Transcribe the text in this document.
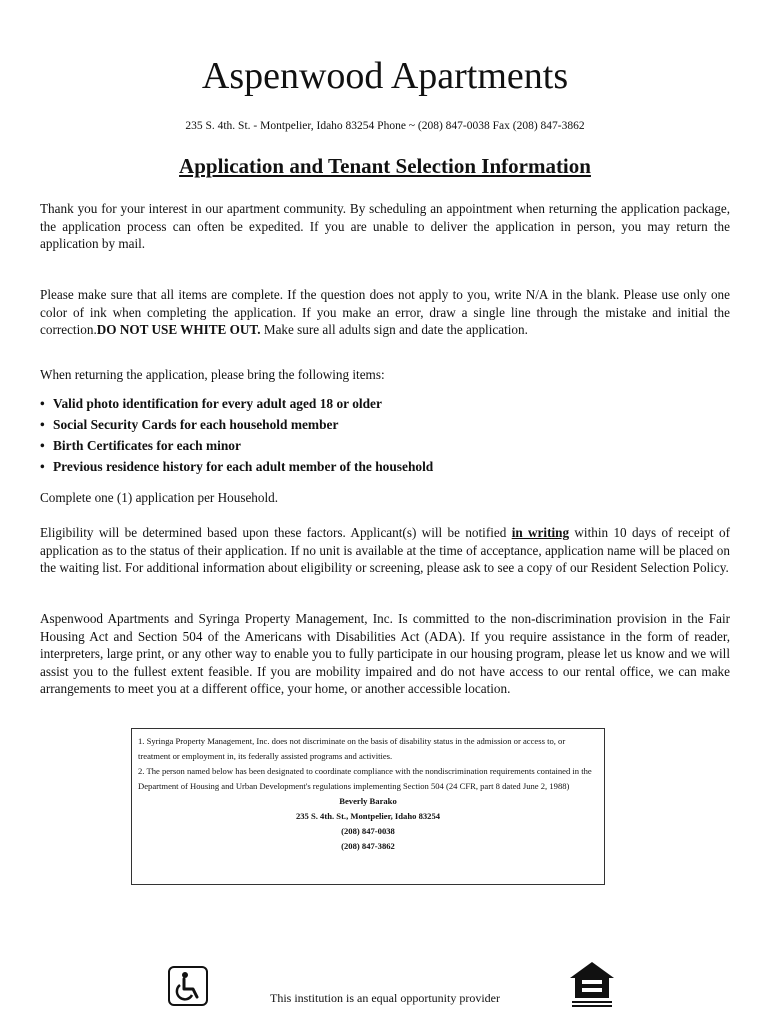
Aspenwood Apartments
235 S. 4th. St. - Montpelier, Idaho 83254 Phone ~ (208) 847-0038 Fax (208) 847-3862
Application and Tenant Selection Information

Thank you for your interest in our apartment community. By scheduling an appointment when returning the application package, the application process can often be expedited. If you are unable to deliver the application in person, you may return the application by mail.

Please make sure that all items are complete. If the question does not apply to you, write N/A in the blank. Please use only one color of ink when completing the application. If you make an error, draw a single line through the mistake and initial the correction.DO NOT USE WHITE OUT. Make sure all adults sign and date the application.

When returning the application, please bring the following items:

• Valid photo identification for every adult aged 18 or older
• Social Security Cards for each household member
• Birth Certificates for each minor
• Previous residence history for each adult member of the household

Complete one (1) application per Household.

Eligibility will be determined based upon these factors. Applicant(s) will be notified in writing within 10 days of receipt of application as to the status of their application. If no unit is available at the time of acceptance, application name will be placed on the waiting list. For additional information about eligibility or screening, please ask to see a copy of our Resident Selection Policy.

Aspenwood Apartments and Syringa Property Management, Inc. Is committed to the non-discrimination provision in the Fair Housing Act and Section 504 of the Americans with Disabilities Act (ADA). If you require assistance in the form of reader, interpreters, large print, or any other way to enable you to fully participate in our housing program, please let us know and we will assist you to the fullest extent feasible. If you are mobility impaired and do not have access to our rental office, we can make arrangements to meet you at a different office, your home, or another accessible location.

1. Syringa Property Management, Inc. does not discriminate on the basis of disability status in the admission or access to, or treatment or employment in, its federally assisted programs and activities.
2. The person named below has been designated to coordinate compliance with the nondiscrimination requirements contained in the Department of Housing and Urban Development's regulations implementing Section 504 (24 CFR, part 8 dated June 2, 1988)
Beverly Barako
235 S. 4th. St., Montpelier, Idaho 83254
(208) 847-0038
(208) 847-3862
This institution is an equal opportunity provider
